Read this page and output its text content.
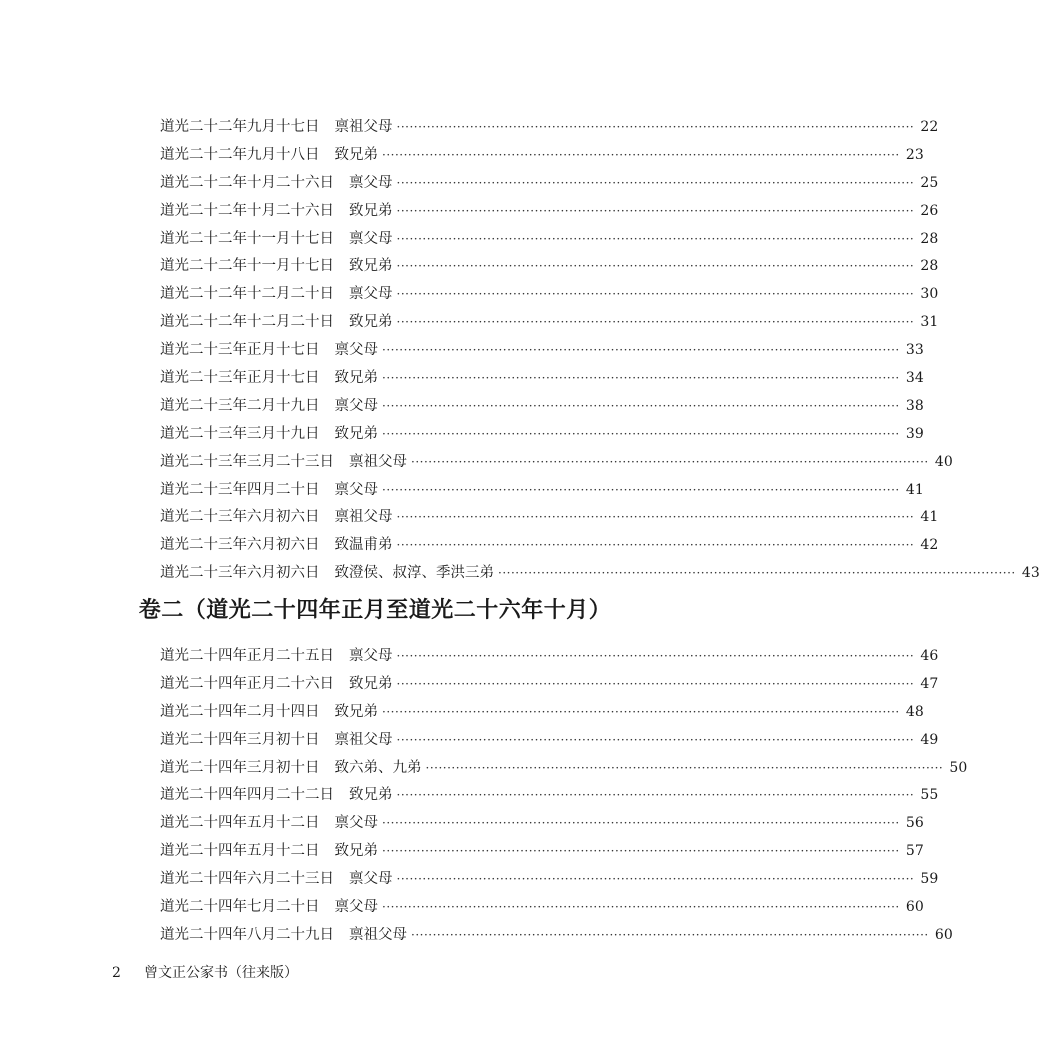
道光二十二年九月十七日 禀祖父母 ························································································································ 22
道光二十二年九月十八日 致兄弟 ························································································································ 23
道光二十二年十月二十六日 禀父母 ························································································································ 25
道光二十二年十月二十六日 致兄弟 ························································································································ 26
道光二十二年十一月十七日 禀父母 ························································································································ 28
道光二十二年十一月十七日 致兄弟 ························································································································ 28
道光二十二年十二月二十日 禀父母 ························································································································ 30
道光二十二年十二月二十日 致兄弟 ························································································································ 31
道光二十三年正月十七日 禀父母 ························································································································ 33
道光二十三年正月十七日 致兄弟 ························································································································ 34
道光二十三年二月十九日 禀父母 ························································································································ 38
道光二十三年三月十九日 致兄弟 ························································································································ 39
道光二十三年三月二十三日 禀祖父母 ························································································································ 40
道光二十三年四月二十日 禀父母 ························································································································ 41
道光二十三年六月初六日 禀祖父母 ························································································································ 41
道光二十三年六月初六日 致温甫弟 ························································································································ 42
道光二十三年六月初六日 致澄侯、叔淳、季洪三弟 ························································································································ 43
卷二（道光二十四年正月至道光二十六年十月）
道光二十四年正月二十五日 禀父母 ························································································································ 46
道光二十四年正月二十六日 致兄弟 ························································································································ 47
道光二十四年二月十四日 致兄弟 ························································································································ 48
道光二十四年三月初十日 禀祖父母 ························································································································ 49
道光二十四年三月初十日 致六弟、九弟 ························································································································ 50
道光二十四年四月二十二日 致兄弟 ························································································································ 55
道光二十四年五月十二日 禀父母 ························································································································ 56
道光二十四年五月十二日 致兄弟 ························································································································ 57
道光二十四年六月二十三日 禀父母 ························································································································ 59
道光二十四年七月二十日 禀父母 ························································································································ 60
道光二十四年八月二十九日 禀祖父母 ························································································································ 60
2 曾文正公家书（往来版）
